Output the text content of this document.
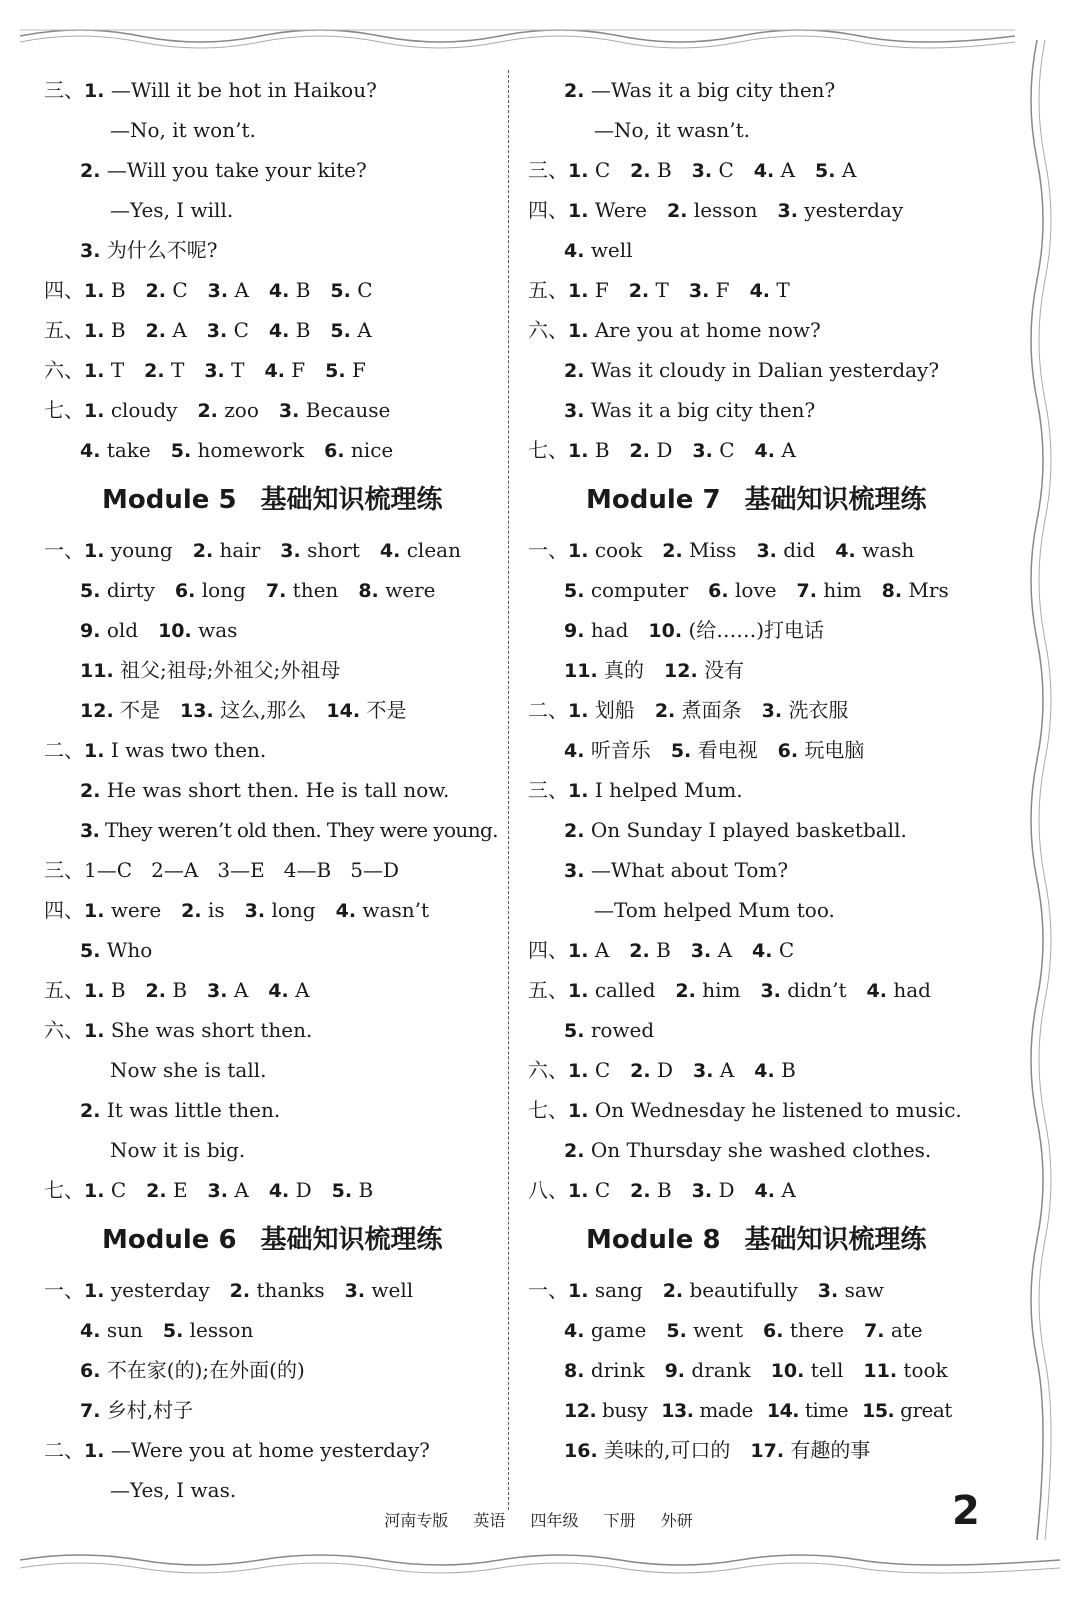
三、1. —Will it be hot in Haikou?
—No, it won’t.
2. —Will you take your kite?
—Yes, I will.
3. 为什么不呢?
四、1. B 2. C 3. A 4. B 5. C
五、1. B 2. A 3. C 4. B 5. A
六、1. T 2. T 3. T 4. F 5. F
七、1. cloudy 2. zoo 3. Because
4. take 5. homework 6. nice
Module 5 基础知识梳理练
一、1. young 2. hair 3. short 4. clean
5. dirty 6. long 7. then 8. were
9. old 10. was
11. 祖父;祖母;外祖父;外祖母
12. 不是 13. 这么,那么 14. 不是
二、1. I was two then.
2. He was short then. He is tall now.
3. They weren’t old then. They were young.
三、1—C   2—A   3—E   4—B   5—D
四、1. were 2. is 3. long 4. wasn’t
5. Who
五、1. B 2. B 3. A 4. A
六、1. She was short then.
Now she is tall.
2. It was little then.
Now it is big.
七、1. C 2. E 3. A 4. D 5. B
Module 6 基础知识梳理练
一、1. yesterday 2. thanks 3. well
4. sun 5. lesson
6. 不在家(的);在外面(的)
7. 乡村,村子
二、1. —Were you at home yesterday?
—Yes, I was.
2. —Was it a big city then?
—No, it wasn’t.
三、1. C 2. B 3. C 4. A 5. A
四、1. Were 2. lesson 3. yesterday
4. well
五、1. F 2. T 3. F 4. T
六、1. Are you at home now?
2. Was it cloudy in Dalian yesterday?
3. Was it a big city then?
七、1. B 2. D 3. C 4. A
Module 7 基础知识梳理练
一、1. cook 2. Miss 3. did 4. wash
5. computer 6. love 7. him 8. Mrs
9. had 10. (给……)打电话
11. 真的 12. 没有
二、1. 划船 2. 煮面条 3. 洗衣服
4. 听音乐 5. 看电视 6. 玩电脑
三、1. I helped Mum.
2. On Sunday I played basketball.
3. —What about Tom?
—Tom helped Mum too.
四、1. A 2. B 3. A 4. C
五、1. called 2. him 3. didn’t 4. had
5. rowed
六、1. C 2. D 3. A 4. B
七、1. On Wednesday he listened to music.
2. On Thursday she washed clothes.
八、1. C 2. B 3. D 4. A
Module 8 基础知识梳理练
一、1. sang 2. beautifully 3. saw
4. game 5. went 6. there 7. ate
8. drink 9. drank 10. tell 11. took
12. busy 13. made 14. time 15. great
16. 美味的,可口的 17. 有趣的事
河南专版 英语 四年级 下册 外研	2
